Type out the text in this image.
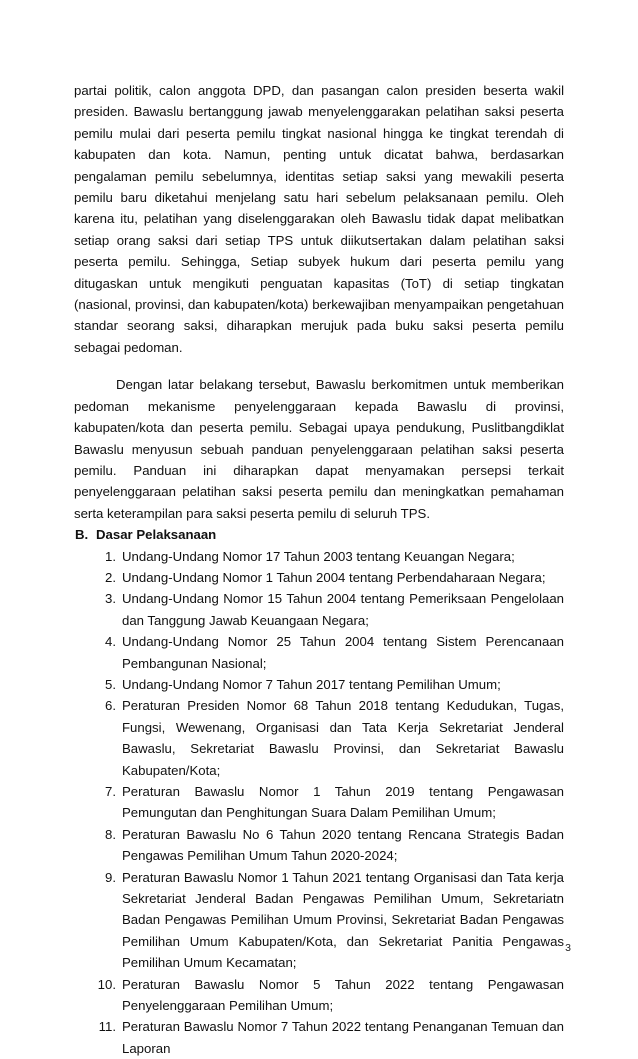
partai politik, calon anggota DPD, dan pasangan calon presiden beserta wakil presiden. Bawaslu bertanggung jawab menyelenggarakan pelatihan saksi peserta pemilu mulai dari peserta pemilu tingkat nasional hingga ke tingkat terendah di kabupaten dan kota. Namun, penting untuk dicatat bahwa, berdasarkan pengalaman pemilu sebelumnya, identitas setiap saksi yang mewakili peserta pemilu baru diketahui menjelang satu hari sebelum pelaksanaan pemilu. Oleh karena itu, pelatihan yang diselenggarakan oleh Bawaslu tidak dapat melibatkan setiap orang saksi dari setiap TPS untuk diikutsertakan dalam pelatihan saksi peserta pemilu. Sehingga, Setiap subyek hukum dari peserta pemilu yang ditugaskan untuk mengikuti penguatan kapasitas (ToT) di setiap tingkatan (nasional, provinsi, dan kabupaten/kota) berkewajiban menyampaikan pengetahuan standar seorang saksi, diharapkan merujuk pada buku saksi peserta pemilu sebagai pedoman.

Dengan latar belakang tersebut, Bawaslu berkomitmen untuk memberikan pedoman mekanisme penyelenggaraan kepada Bawaslu di provinsi, kabupaten/kota dan peserta pemilu. Sebagai upaya pendukung, Puslitbangdiklat Bawaslu menyusun sebuah panduan penyelenggaraan pelatihan saksi peserta pemilu. Panduan ini diharapkan dapat menyamakan persepsi terkait penyelenggaraan pelatihan saksi peserta pemilu dan meningkatkan pemahaman serta keterampilan para saksi peserta pemilu di seluruh TPS.

B. Dasar Pelaksanaan
1. Undang-Undang Nomor 17 Tahun 2003 tentang Keuangan Negara;
2. Undang-Undang Nomor 1 Tahun 2004 tentang Perbendaharaan Negara;
3. Undang-Undang Nomor 15 Tahun 2004 tentang Pemeriksaan Pengelolaan dan Tanggung Jawab Keuangaan Negara;
4. Undang-Undang Nomor 25 Tahun 2004 tentang Sistem Perencanaan Pembangunan Nasional;
5. Undang-Undang Nomor 7 Tahun 2017 tentang Pemilihan Umum;
6. Peraturan Presiden Nomor 68 Tahun 2018 tentang Kedudukan, Tugas, Fungsi, Wewenang, Organisasi dan Tata Kerja Sekretariat Jenderal Bawaslu, Sekretariat Bawaslu Provinsi, dan Sekretariat Bawaslu Kabupaten/Kota;
7. Peraturan Bawaslu Nomor 1 Tahun 2019 tentang Pengawasan Pemungutan dan Penghitungan Suara Dalam Pemilihan Umum;
8. Peraturan Bawaslu No 6 Tahun 2020 tentang Rencana Strategis Badan Pengawas Pemilihan Umum Tahun 2020-2024;
9. Peraturan Bawaslu Nomor 1 Tahun 2021 tentang Organisasi dan Tata kerja Sekretariat Jenderal Badan Pengawas Pemilihan Umum, Sekretariatn Badan Pengawas Pemilihan Umum Provinsi, Sekretariat Badan Pengawas Pemilihan Umum Kabupaten/Kota, dan Sekretariat Panitia Pengawas Pemilihan Umum Kecamatan;
10. Peraturan Bawaslu Nomor 5 Tahun 2022 tentang Pengawasan Penyelenggaraan Pemilihan Umum;
11. Peraturan Bawaslu Nomor 7 Tahun 2022 tentang Penanganan Temuan dan Laporan
3
